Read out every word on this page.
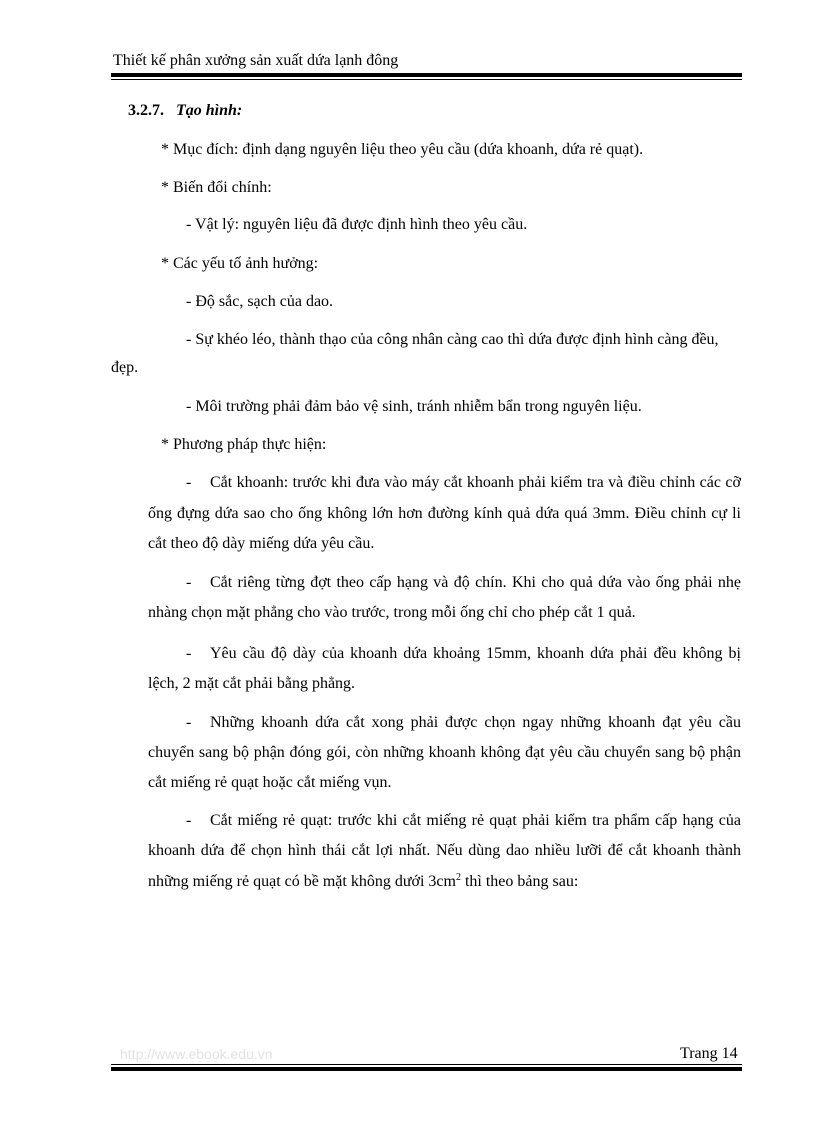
Thiết kế phân xưởng sản xuất dứa lạnh đông
3.2.7. Tạo hình:
* Mục đích: định dạng nguyên liệu theo yêu cầu (dứa khoanh, dứa rẻ quạt).
* Biến đổi chính:
- Vật lý: nguyên liệu đã được định hình theo yêu cầu.
* Các yếu tố ảnh hưởng:
- Độ sắc, sạch của dao.
- Sự khéo léo, thành thạo của công nhân càng cao thì dứa được định hình càng đều,
đẹp.
- Môi trường phải đảm bảo vệ sinh, tránh nhiễm bẩn trong nguyên liệu.
* Phương pháp thực hiện:
- Cắt khoanh: trước khi đưa vào máy cắt khoanh phải kiểm tra và điều chỉnh các cỡ
ống đựng dứa sao cho ống không lớn hơn đường kính quả dứa quá 3mm. Điều chỉnh cự li
cắt theo độ dày miếng dứa yêu cầu.
- Cắt riêng từng đợt theo cấp hạng và độ chín. Khi cho quả dứa vào ống phải nhẹ
nhàng chọn mặt phẳng cho vào trước, trong mỗi ống chỉ cho phép cắt 1 quả.
- Yêu cầu độ dày của khoanh dứa khoảng 15mm, khoanh dứa phải đều không bị
lệch, 2 mặt cắt phải bằng phẳng.
- Những khoanh dứa cắt xong phải được chọn ngay những khoanh đạt yêu cầu
chuyển sang bộ phận đóng gói, còn những khoanh không đạt yêu cầu chuyển sang bộ phận
cắt miếng rẻ quạt hoặc cắt miếng vụn.
- Cắt miếng rẻ quạt: trước khi cắt miếng rẻ quạt phải kiểm tra phẩm cấp hạng của
khoanh dứa để chọn hình thái cắt lợi nhất. Nếu dùng dao nhiều lưỡi để cắt khoanh thành
những miếng rẻ quạt có bề mặt không dưới $3cm^2$ thì theo bảng sau:
http://www.ebook.edu.vn	Trang 14
